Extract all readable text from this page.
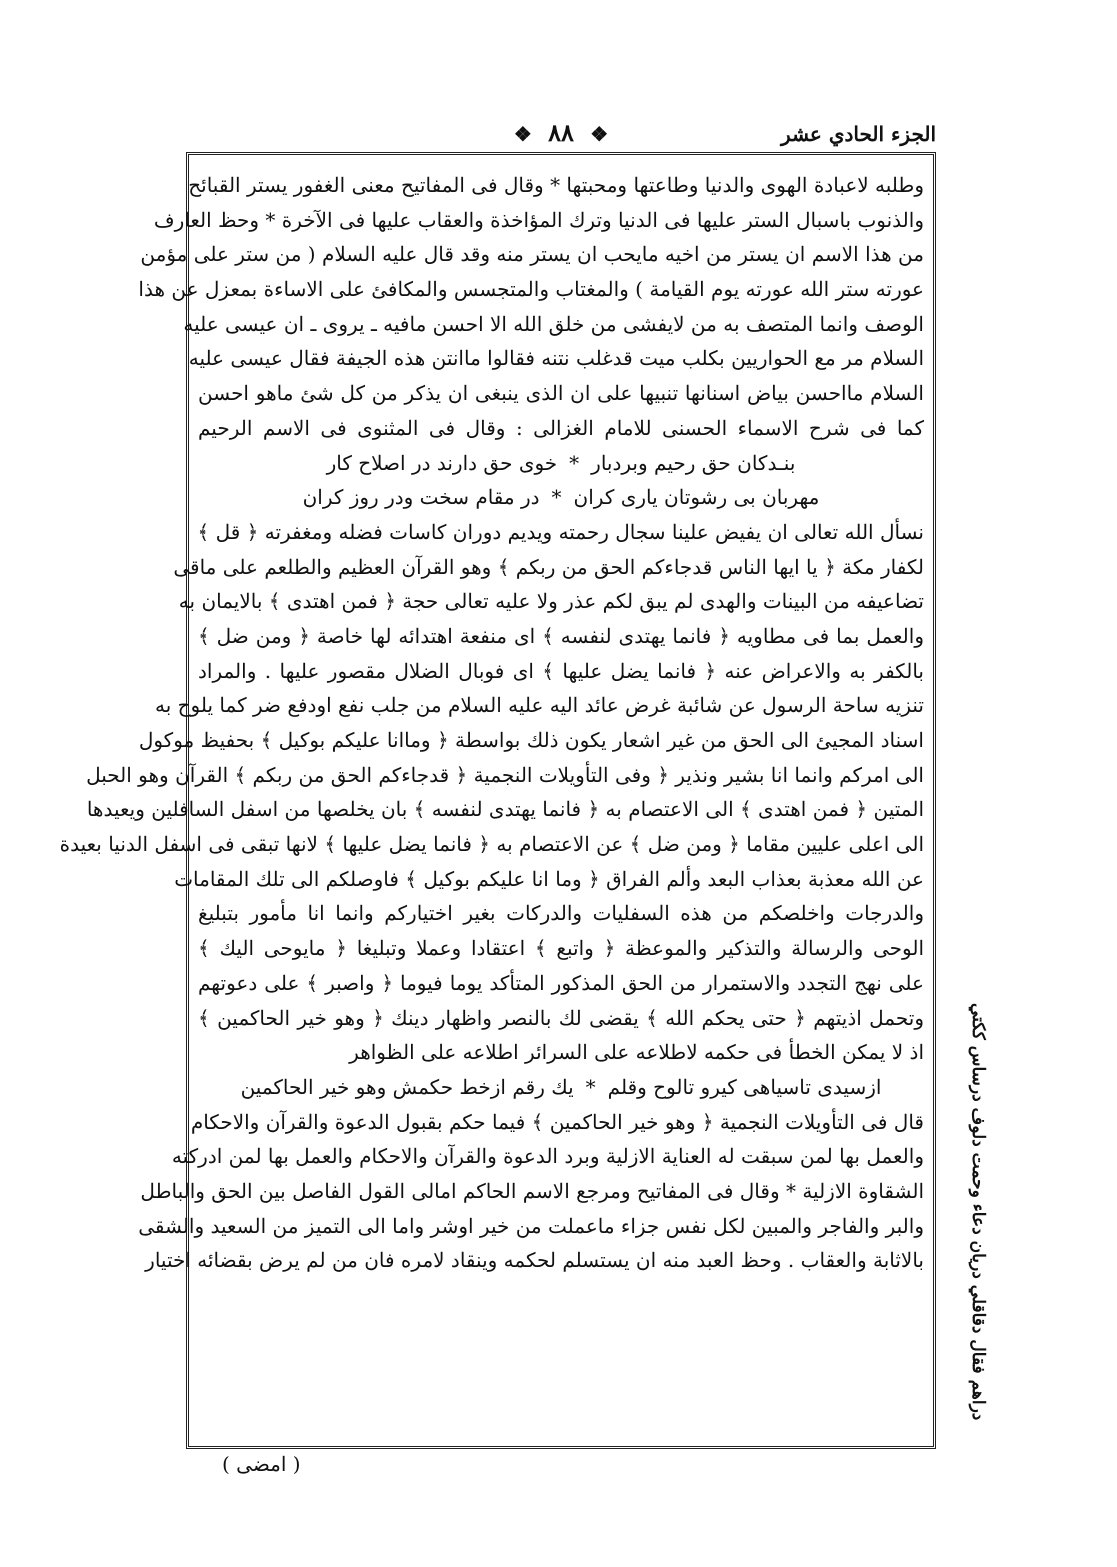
الجزء الحادي عشر
❖ ٨٨ ❖
دراهم فقال دقاقلي دريان دعاء وحمت دلوف درساس ككتي
وطلبه لاعبادة الهوى والدنيا وطاعتها ومحبتها * وقال فى المفاتيح معنى الغفور يستر القبائح
والذنوب باسبال الستر عليها فى الدنيا وترك المؤاخذة والعقاب عليها فى الآخرة * وحظ العارف
من هذا الاسم ان يستر من اخيه مايحب ان يستر منه وقد قال عليه السلام ( من ستر على مؤمن
عورته ستر الله عورته يوم القيامة ) والمغتاب والمتجسس والمكافئ على الاساءة بمعزل عن هذا
الوصف وانما المتصف به من لايفشى من خلق الله الا احسن مافيه ـ يروى ـ ان عيسى عليه
السلام مر مع الحواريين بكلب ميت قدغلب نتنه فقالوا ماانتن هذه الجيفة فقال عيسى عليه
السلام مااحسن بياض اسنانها تنبيها على ان الذى ينبغى ان يذكر من كل شئ ماهو احسن
كما فى شرح الاسماء الحسنى للامام الغزالى : وقال فى المثنوى فى الاسم الرحيم
بنـدكان حق رحيم وبردبار*خوى حق دارند در اصلاح كار
مهربان بى رشوتان يارى كران*در مقام سخت ودر روز كران
نسأل الله تعالى ان يفيض علينا سجال رحمته ويديم دوران كاسات فضله ومغفرته ﴿ قل ﴾
لكفار مكة ﴿ يا ايها الناس قدجاءكم الحق من ربكم ﴾ وهو القرآن العظيم والطلعم على ماقى
تضاعيفه من البينات والهدى لم يبق لكم عذر ولا عليه تعالى حجة ﴿ فمن اهتدى ﴾ بالايمان به
والعمل بما فى مطاويه ﴿ فانما يهتدى لنفسه ﴾ اى منفعة اهتدائه لها خاصة ﴿ ومن ضل ﴾
بالكفر به والاعراض عنه ﴿ فانما يضل عليها ﴾ اى فوبال الضلال مقصور عليها . والمراد
تنزيه ساحة الرسول عن شائبة غرض عائد اليه عليه السلام من جلب نفع اودفع ضر كما يلوح به
اسناد المجيئ الى الحق من غير اشعار يكون ذلك بواسطة ﴿ وماانا عليكم بوكيل ﴾ بحفيظ موكول
الى امركم وانما انا بشير ونذير ﴿ وفى التأويلات النجمية ﴿ قدجاءكم الحق من ربكم ﴾ القرآن وهو الحبل
المتين ﴿ فمن اهتدى ﴾ الى الاعتصام به ﴿ فانما يهتدى لنفسه ﴾ بان يخلصها من اسفل السافلين ويعيدها
الى اعلى عليين مقاما ﴿ ومن ضل ﴾ عن الاعتصام به ﴿ فانما يضل عليها ﴾ لانها تبقى فى اسفل الدنيا بعيدة
عن الله معذبة بعذاب البعد وألم الفراق ﴿ وما انا عليكم بوكيل ﴾ فاوصلكم الى تلك المقامات
والدرجات واخلصكم من هذه السفليات والدركات بغير اختياركم وانما انا مأمور بتبليغ
الوحى والرسالة والتذكير والموعظة ﴿ واتبع ﴾ اعتقادا وعملا وتبليغا ﴿ مايوحى اليك ﴾
على نهج التجدد والاستمرار من الحق المذكور المتأكد يوما فيوما ﴿ واصبر ﴾ على دعوتهم
وتحمل اذيتهم ﴿ حتى يحكم الله ﴾ يقضى لك بالنصر واظهار دينك ﴿ وهو خير الحاكمين ﴾
اذ لا يمكن الخطأ فى حكمه لاطلاعه على السرائر اطلاعه على الظواهر
ازسيدى تاسياهى كيرو تالوح وقلم*يك رقم ازخط حكمش وهو خير الحاكمين
قال فى التأويلات النجمية ﴿ وهو خير الحاكمين ﴾ فيما حكم بقبول الدعوة والقرآن والاحكام
والعمل بها لمن سبقت له العناية الازلية وبرد الدعوة والقرآن والاحكام والعمل بها لمن ادركته
الشقاوة الازلية * وقال فى المفاتيح ومرجع الاسم الحاكم امالى القول الفاصل بين الحق والباطل
والبر والفاجر والمبين لكل نفس جزاء ماعملت من خير اوشر واما الى التميز من السعيد والشقى
بالاثابة والعقاب . وحظ العبد منه ان يستسلم لحكمه وينقاد لامره فان من لم يرض بقضائه اختيار
( امضى )
